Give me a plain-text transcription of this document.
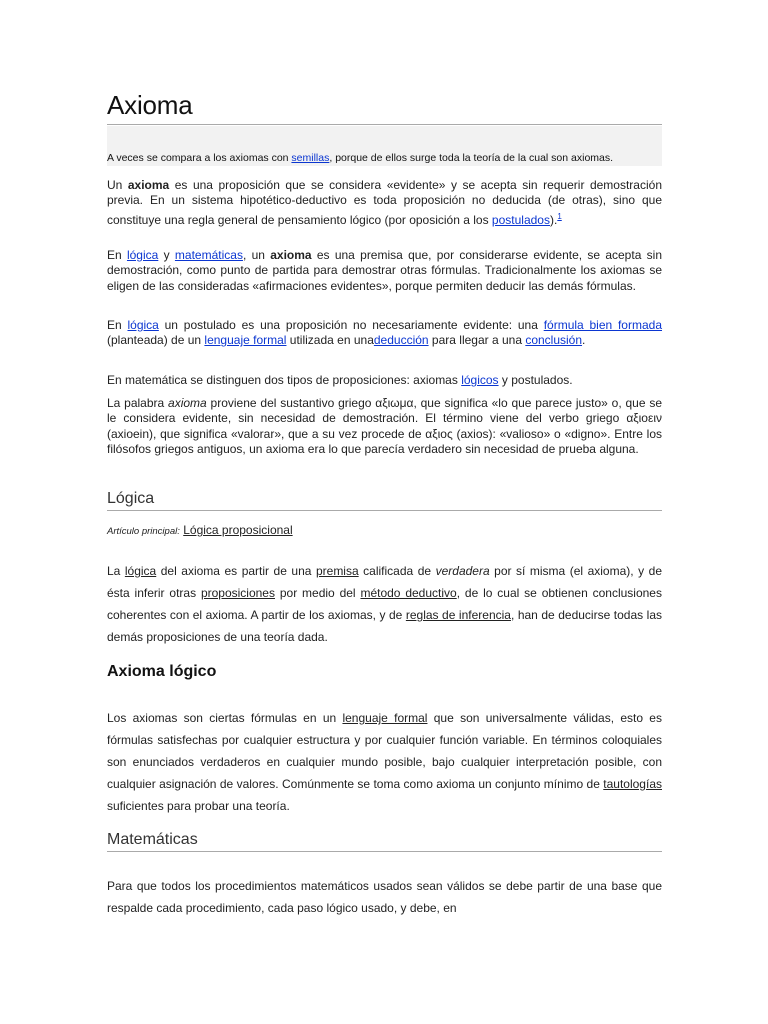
Axioma
A veces se compara a los axiomas con semillas, porque de ellos surge toda la teoría de la cual son axiomas.

Un axioma es una proposición que se considera «evidente» y se acepta sin requerir demostración previa. En un sistema hipotético-deductivo es toda proposición no deducida (de otras), sino que constituye una regla general de pensamiento lógico (por oposición a los postulados).$^1$

En lógica y matemáticas, un axioma es una premisa que, por considerarse evidente, se acepta sin demostración, como punto de partida para demostrar otras fórmulas. Tradicionalmente los axiomas se eligen de las consideradas «afirmaciones evidentes», porque permiten deducir las demás fórmulas.

En lógica un postulado es una proposición no necesariamente evidente: una fórmula bien formada (planteada) de un lenguaje formal utilizada en unadeducción para llegar a una conclusión.

En matemática se distinguen dos tipos de proposiciones: axiomas lógicos y postulados.

La palabra axioma proviene del sustantivo griego αξιωμα, que significa «lo que parece justo» o, que se le considera evidente, sin necesidad de demostración. El término viene del verbo griego αξιοειν (axioein), que significa «valorar», que a su vez procede de αξιος (axios): «valioso» o «digno». Entre los filósofos griegos antiguos, un axioma era lo que parecía verdadero sin necesidad de prueba alguna.

Lógica
Artículo principal: Lógica proposicional

La lógica del axioma es partir de una premisa calificada de verdadera por sí misma (el axioma), y de ésta inferir otras proposiciones por medio del método deductivo, de lo cual se obtienen conclusiones coherentes con el axioma. A partir de los axiomas, y de reglas de inferencia, han de deducirse todas las demás proposiciones de una teoría dada.

Axioma lógico

Los axiomas son ciertas fórmulas en un lenguaje formal que son universalmente válidas, esto es fórmulas satisfechas por cualquier estructura y por cualquier función variable. En términos coloquiales son enunciados verdaderos en cualquier mundo posible, bajo cualquier interpretación posible, con cualquier asignación de valores. Comúnmente se toma como axioma un conjunto mínimo de tautologías suficientes para probar una teoría.

Matemáticas

Para que todos los procedimientos matemáticos usados sean válidos se debe partir de una base que respalde cada procedimiento, cada paso lógico usado, y debe, en
